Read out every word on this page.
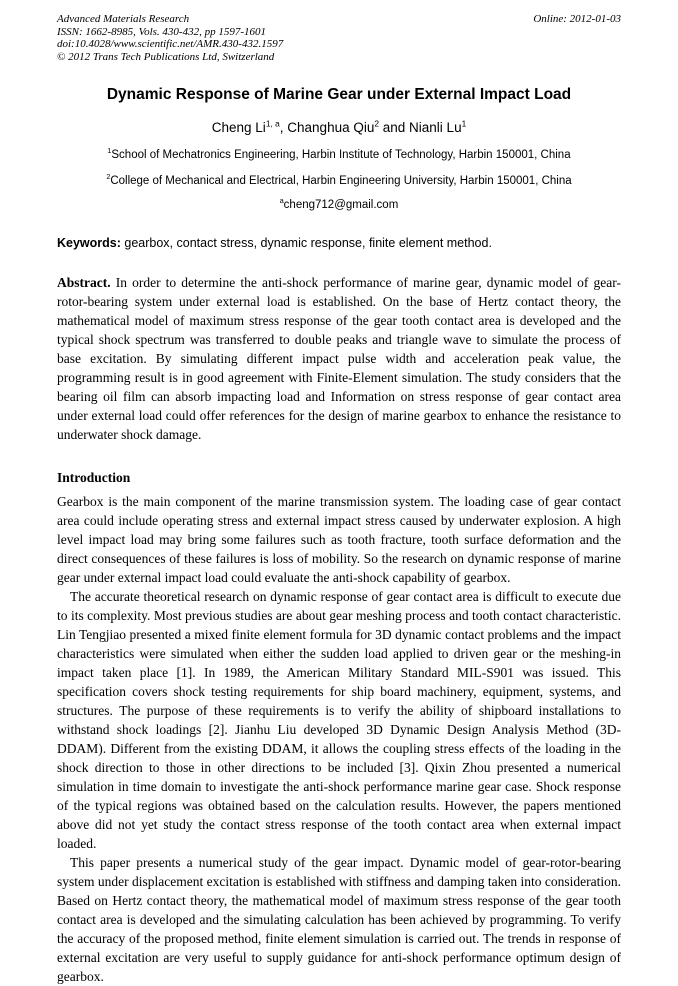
Advanced Materials Research
ISSN: 1662-8985, Vols. 430-432, pp 1597-1601
doi:10.4028/www.scientific.net/AMR.430-432.1597
© 2012 Trans Tech Publications Ltd, Switzerland
Online: 2012-01-03
Dynamic Response of Marine Gear under External Impact Load
Cheng Li$^{1, a}$, Changhua Qiu$^2$ and Nianli Lu$^1$
$^1$School of Mechatronics Engineering, Harbin Institute of Technology, Harbin 150001, China
$^2$College of Mechanical and Electrical, Harbin Engineering University, Harbin 150001, China
$^a$cheng712@gmail.com
Keywords: gearbox, contact stress, dynamic response, finite element method.
Abstract. In order to determine the anti-shock performance of marine gear, dynamic model of gear-rotor-bearing system under external load is established. On the base of Hertz contact theory, the mathematical model of maximum stress response of the gear tooth contact area is developed and the typical shock spectrum was transferred to double peaks and triangle wave to simulate the process of base excitation. By simulating different impact pulse width and acceleration peak value, the programming result is in good agreement with Finite-Element simulation. The study considers that the bearing oil film can absorb impacting load and Information on stress response of gear contact area under external load could offer references for the design of marine gearbox to enhance the resistance to underwater shock damage.
Introduction
Gearbox is the main component of the marine transmission system. The loading case of gear contact area could include operating stress and external impact stress caused by underwater explosion. A high level impact load may bring some failures such as tooth fracture, tooth surface deformation and the direct consequences of these failures is loss of mobility. So the research on dynamic response of marine gear under external impact load could evaluate the anti-shock capability of gearbox.
The accurate theoretical research on dynamic response of gear contact area is difficult to execute due to its complexity. Most previous studies are about gear meshing process and tooth contact characteristic. Lin Tengjiao presented a mixed finite element formula for 3D dynamic contact problems and the impact characteristics were simulated when either the sudden load applied to driven gear or the meshing-in impact taken place [1]. In 1989, the American Military Standard MIL-S901 was issued. This specification covers shock testing requirements for ship board machinery, equipment, systems, and structures. The purpose of these requirements is to verify the ability of shipboard installations to withstand shock loadings [2]. Jianhu Liu developed 3D Dynamic Design Analysis Method (3D-DDAM). Different from the existing DDAM, it allows the coupling stress effects of the loading in the shock direction to those in other directions to be included [3]. Qixin Zhou presented a numerical simulation in time domain to investigate the anti-shock performance marine gear case. Shock response of the typical regions was obtained based on the calculation results. However, the papers mentioned above did not yet study the contact stress response of the tooth contact area when external impact loaded.
This paper presents a numerical study of the gear impact. Dynamic model of gear-rotor-bearing system under displacement excitation is established with stiffness and damping taken into consideration. Based on Hertz contact theory, the mathematical model of maximum stress response of the gear tooth contact area is developed and the simulating calculation has been achieved by programming. To verify the accuracy of the proposed method, finite element simulation is carried out. The trends in response of external excitation are very useful to supply guidance for anti-shock performance optimum design of gearbox.
